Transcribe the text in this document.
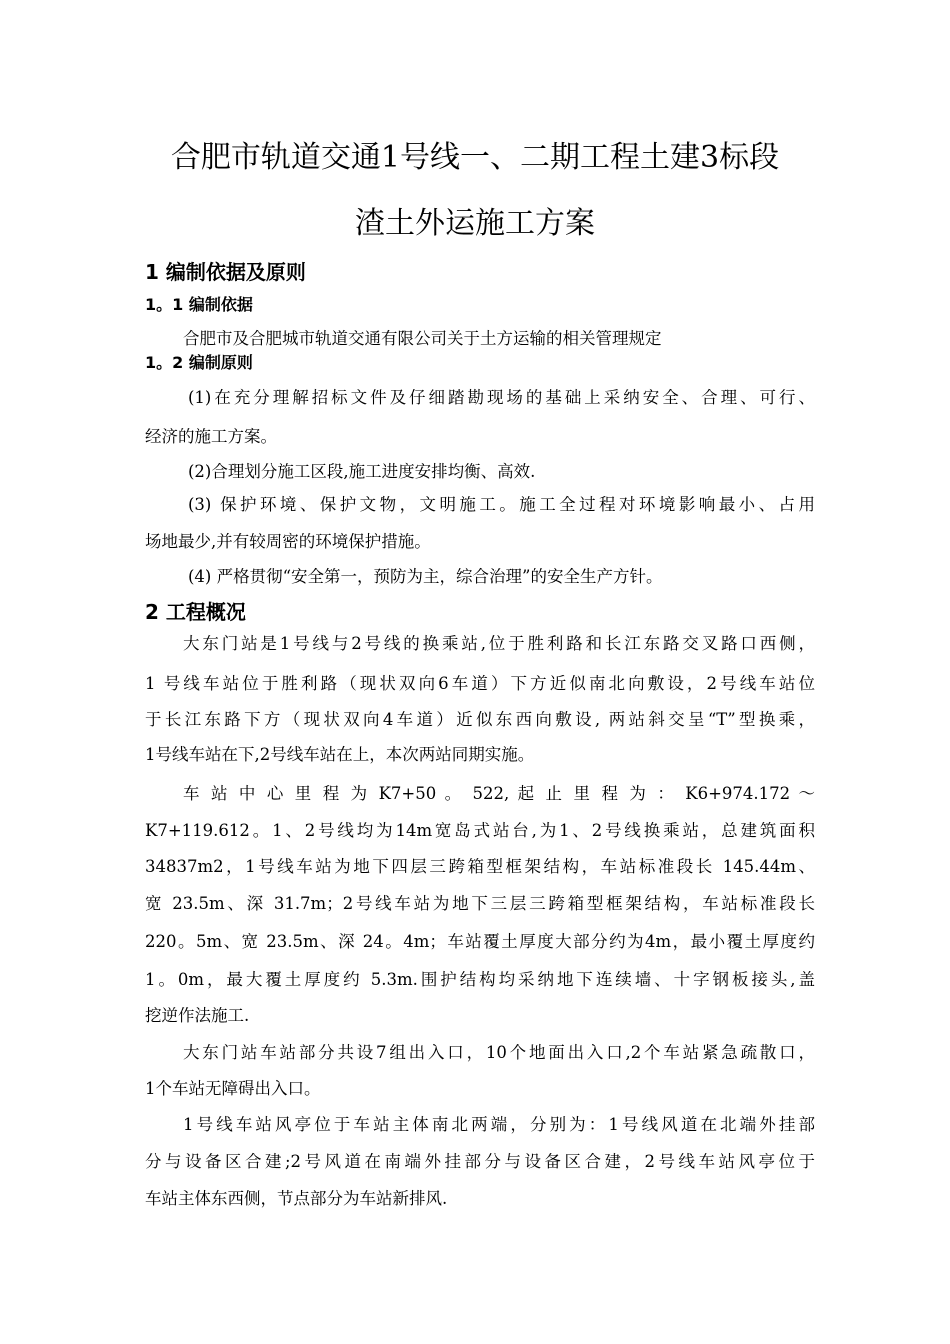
合肥市轨道交通1号线一、二期工程土建3标段
渣土外运施工方案
1 编制依据及原则
1。1 编制依据
合肥市及合肥城市轨道交通有限公司关于土方运输的相关管理规定
1。2 编制原则
(1)在充分理解招标文件及仔细踏勘现场的基础上采纳安全、合理、可行、
经济的施工方案。
(2)合理划分施工区段,施工进度安排均衡、高效.
(3) 保护环境、保护文物，文明施工。施工全过程对环境影响最小、占用
场地最少,并有较周密的环境保护措施。
(4) 严格贯彻“安全第一，预防为主，综合治理”的安全生产方针。
2 工程概况
大东门站是1号线与2号线的换乘站,位于胜利路和长江东路交叉路口西侧，
1 号线车站位于胜利路（现状双向6车道）下方近似南北向敷设，2号线车站位
于长江东路下方（现状双向4车道）近似东西向敷设, 两站斜交呈“T”型换乘，
1号线车站在下,2号线车站在上，本次两站同期实施。
车 站 中 心 里 程 为 K7+50 。 522, 起 止 里 程 为 ： K6+974.172 ～
K7+119.612。1、2号线均为14m宽岛式站台,为1、2号线换乘站，总建筑面积
34837m2，1号线车站为地下四层三跨箱型框架结构，车站标准段长 145.44m、
宽 23.5m、深 31.7m；2号线车站为地下三层三跨箱型框架结构，车站标准段长
220。5m、宽 23.5m、深 24。4m；车站覆土厚度大部分约为4m，最小覆土厚度约
1。0m，最大覆土厚度约 5.3m.围护结构均采纳地下连续墙、十字钢板接头,盖
挖逆作法施工.
大东门站车站部分共设7组出入口，10个地面出入口,2个车站紧急疏散口，
1个车站无障碍出入口。
1号线车站风亭位于车站主体南北两端，分别为：1号线风道在北端外挂部
分与设备区合建;2号风道在南端外挂部分与设备区合建，2号线车站风亭位于
车站主体东西侧，节点部分为车站新排风.
